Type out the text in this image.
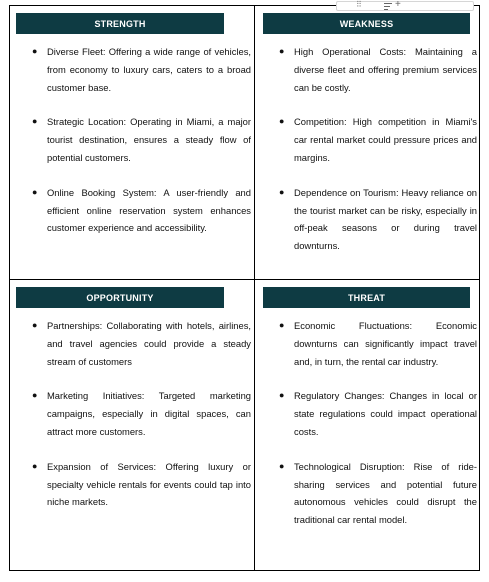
⠿	+
STRENGTH
● Diverse Fleet: Offering a wide range of vehicles, from economy to luxury cars, caters to a broad customer base.
● Strategic Location: Operating in Miami, a major tourist destination, ensures a steady flow of potential customers.
● Online Booking System: A user-friendly and efficient online reservation system enhances customer experience and accessibility.
WEAKNESS
● High Operational Costs: Maintaining a diverse fleet and offering premium services can be costly.
● Competition: High competition in Miami's car rental market could pressure prices and margins.
● Dependence on Tourism: Heavy reliance on the tourist market can be risky, especially in off-peak seasons or during travel downturns.
OPPORTUNITY
● Partnerships: Collaborating with hotels, airlines, and travel agencies could provide a steady stream of customers
● Marketing Initiatives: Targeted marketing campaigns, especially in digital spaces, can attract more customers.
● Expansion of Services: Offering luxury or specialty vehicle rentals for events could tap into niche markets.
THREAT
● Economic Fluctuations: Economic downturns can significantly impact travel and, in turn, the rental car industry.
● Regulatory Changes: Changes in local or state regulations could impact operational costs.
● Technological Disruption: Rise of ride-sharing services and potential future autonomous vehicles could disrupt the traditional car rental model.
